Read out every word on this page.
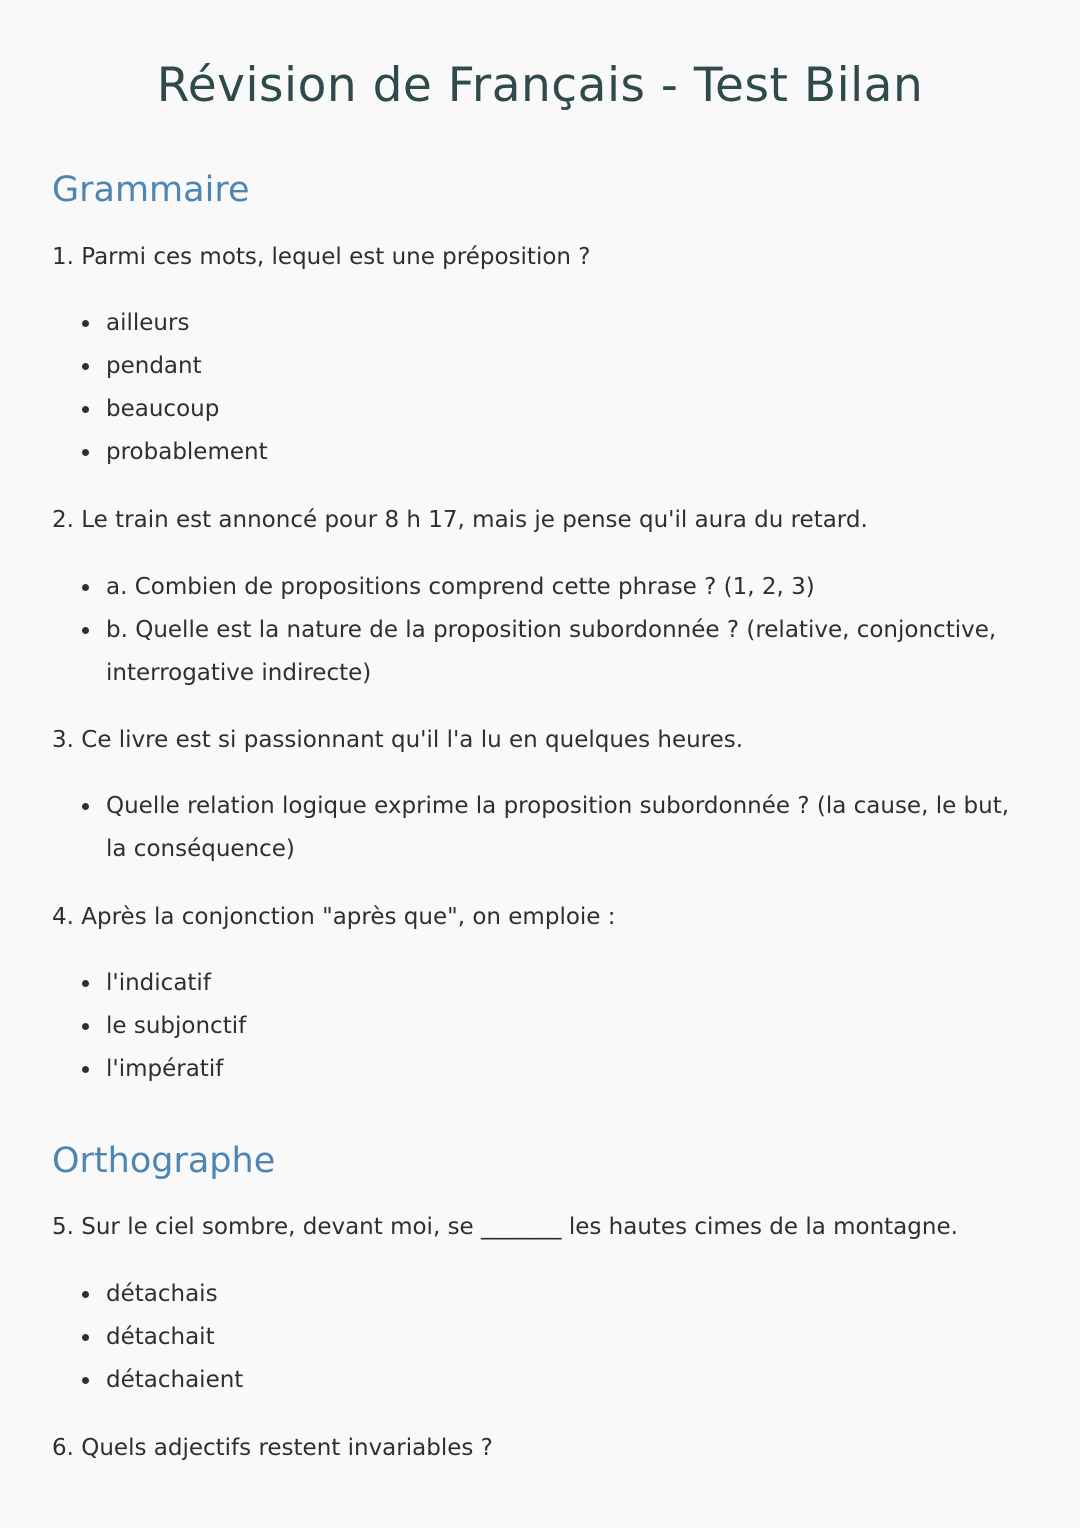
Révision de Français - Test Bilan
Grammaire

1. Parmi ces mots, lequel est une préposition ?

ailleurs
pendant
beaucoup
probablement

2. Le train est annoncé pour 8 h 17, mais je pense qu'il aura du retard.

a. Combien de propositions comprend cette phrase ? (1, 2, 3)
b. Quelle est la nature de la proposition subordonnée ? (relative, conjonctive, interrogative indirecte)

3. Ce livre est si passionnant qu'il l'a lu en quelques heures.

Quelle relation logique exprime la proposition subordonnée ? (la cause, le but, la conséquence)

4. Après la conjonction "après que", on emploie :

l'indicatif
le subjonctif
l'impératif
Orthographe

5. Sur le ciel sombre, devant moi, se _______ les hautes cimes de la montagne.

détachais
détachait
détachaient

6. Quels adjectifs restent invariables ?
